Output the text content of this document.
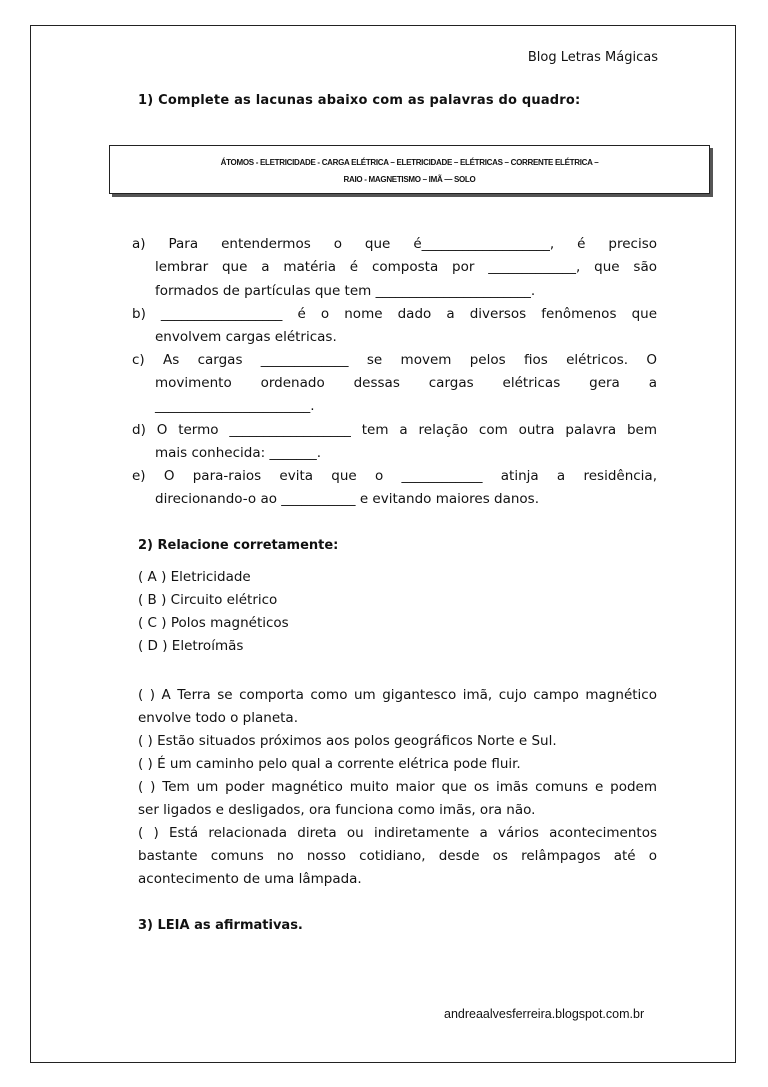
Blog Letras Mágicas
1) Complete as lacunas abaixo com as palavras do quadro:
ÁTOMOS - ELETRICIDADE - CARGA ELÉTRICA – ELETRICIDADE – ELÉTRICAS – CORRENTE ELÉTRICA –
RAIO - MAGNETISMO – IMÃ — SOLO
a) Para entendermos o que é___________________, é preciso
lembrar que a matéria é composta por _____________, que são
formados de partículas que tem _______________________.
b) __________________ é o nome dado a diversos fenômenos que
envolvem cargas elétricas.
c) As cargas _____________ se movem pelos fios elétricos. O
movimento ordenado dessas cargas elétricas gera a
_______________________.
d) O termo __________________ tem a relação com outra palavra bem
mais conhecida: _______.
e) O para-raios evita que o ____________ atinja a residência,
direcionando-o ao ___________ e evitando maiores danos.
2) Relacione corretamente:
( A ) Eletricidade
( B ) Circuito elétrico
( C ) Polos magnéticos
( D ) Eletroímãs
( ) A Terra se comporta como um gigantesco imã, cujo campo magnético
envolve todo o planeta.
( ) Estão situados próximos aos polos geográficos Norte e Sul.
( ) É um caminho pelo qual a corrente elétrica pode fluir.
( ) Tem um poder magnético muito maior que os imãs comuns e podem
ser ligados e desligados, ora funciona como imãs, ora não.
( ) Está relacionada direta ou indiretamente a vários acontecimentos
bastante comuns no nosso cotidiano, desde os relâmpagos até o
acontecimento de uma lâmpada.
3) LEIA as afirmativas.
andreaalvesferreira.blogspot.com.br
